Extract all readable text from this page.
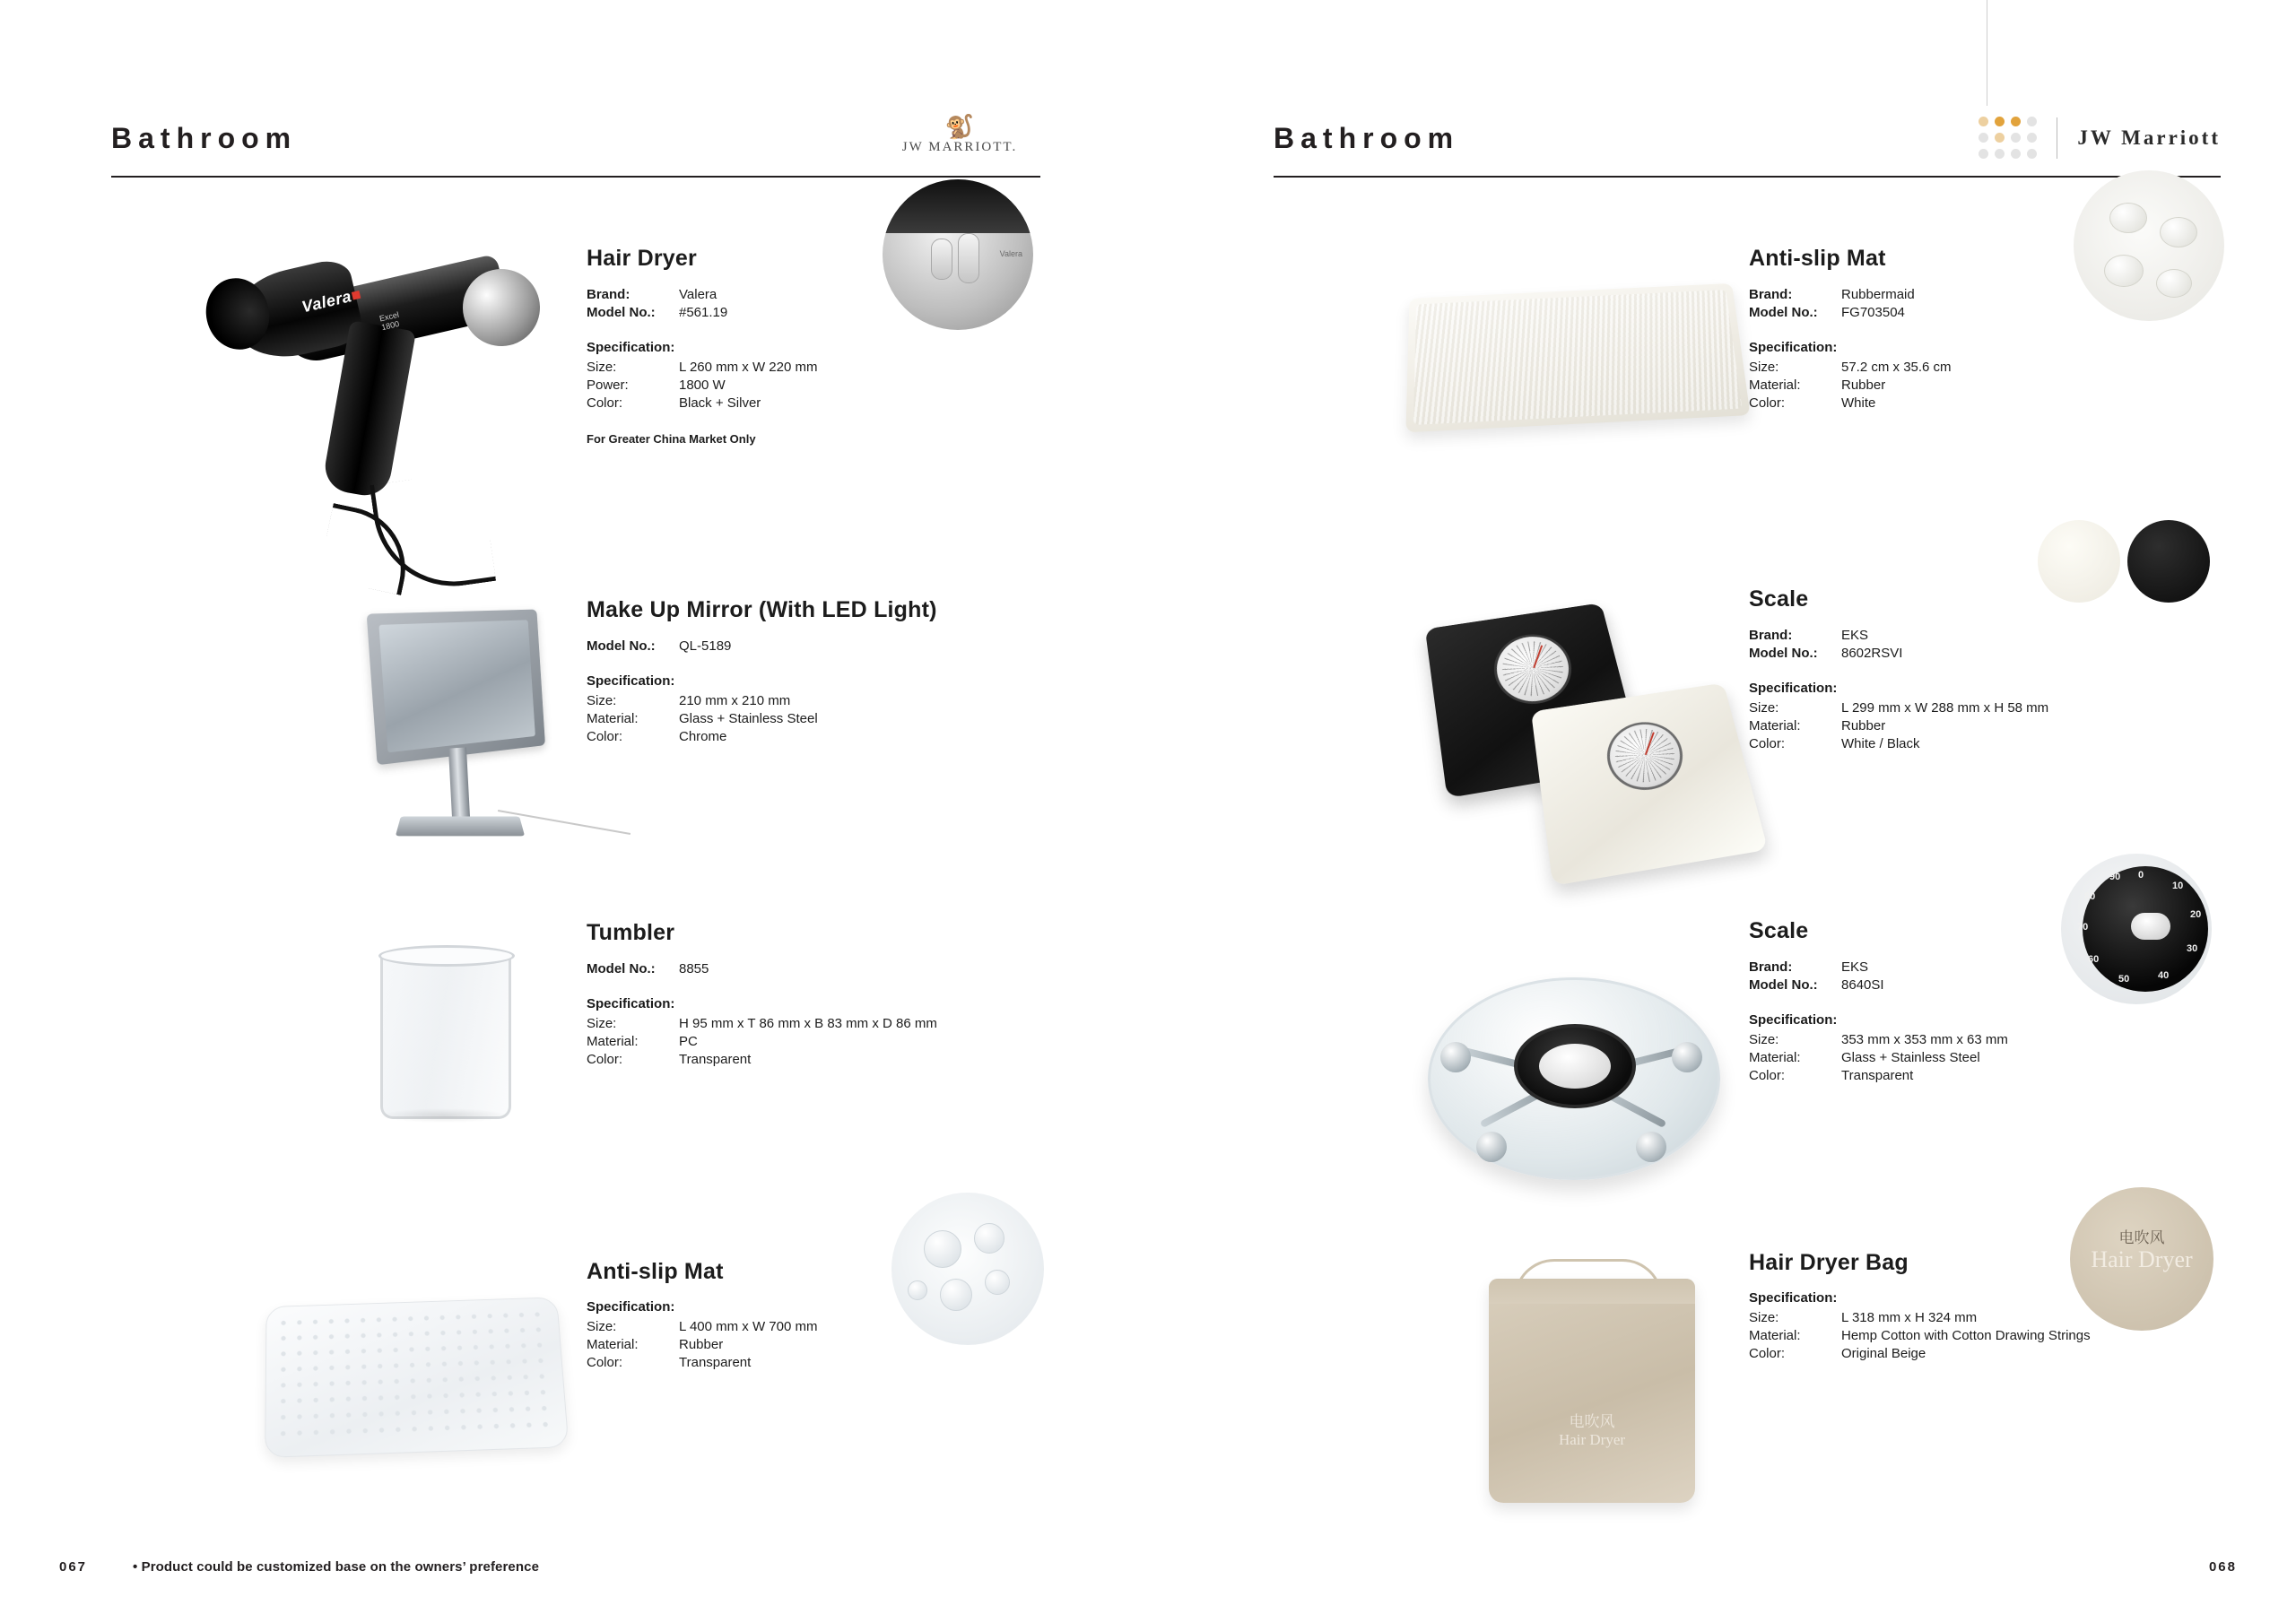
Bathroom	🐒
JW MARRIOTT.
Valera■
Excel 1800
Hair Dryer
Brand:	Valera
Model No.: #561.19
Specification:
Size:	L 260 mm x W 220 mm
Power:	1800 W
Color:	Black + Silver
For Greater China Market Only
Valera
Make Up Mirror (With LED Light)
Model No.: QL-5189
Specification:
Size:	210 mm x 210 mm
Material:	Glass + Stainless Steel
Color:	Chrome
Tumbler
Model No.: 8855
Specification:
Size:	H 95 mm x T 86 mm x B 83 mm x D 86 mm
Material:	PC
Color:	Transparent
Anti-slip Mat
Specification:
Size:	L 400 mm x W 700 mm
Material:	Rubber
Color:	Transparent
067	• Product could be customized base on the owners’ preference
Bathroom	JW Marriott
Anti-slip Mat
Brand:	Rubbermaid
Model No.: FG703504
Specification:
Size:	57.2 cm x 35.6 cm
Material:	Rubber
Color:	White
Scale
Brand:	EKS
Model No.: 8602RSVI
Specification:
Size:	L 299 mm x W 288 mm x H 58 mm
Material:	Rubber
Color:	White / Black
Scale
Brand:	EKS
Model No.: 8640SI
Specification:
Size:	353 mm x 353 mm x 63 mm
Material:	Glass + Stainless Steel
Color:	Transparent
0
10
20
30
40
50
60
70
80
90
电吹风
Hair Dryer
Hair Dryer Bag
Specification:
Size:	L 318 mm x H 324 mm
Material:	Hemp Cotton with Cotton Drawing Strings
Color:	Original Beige
电吹风
Hair Dryer
068
